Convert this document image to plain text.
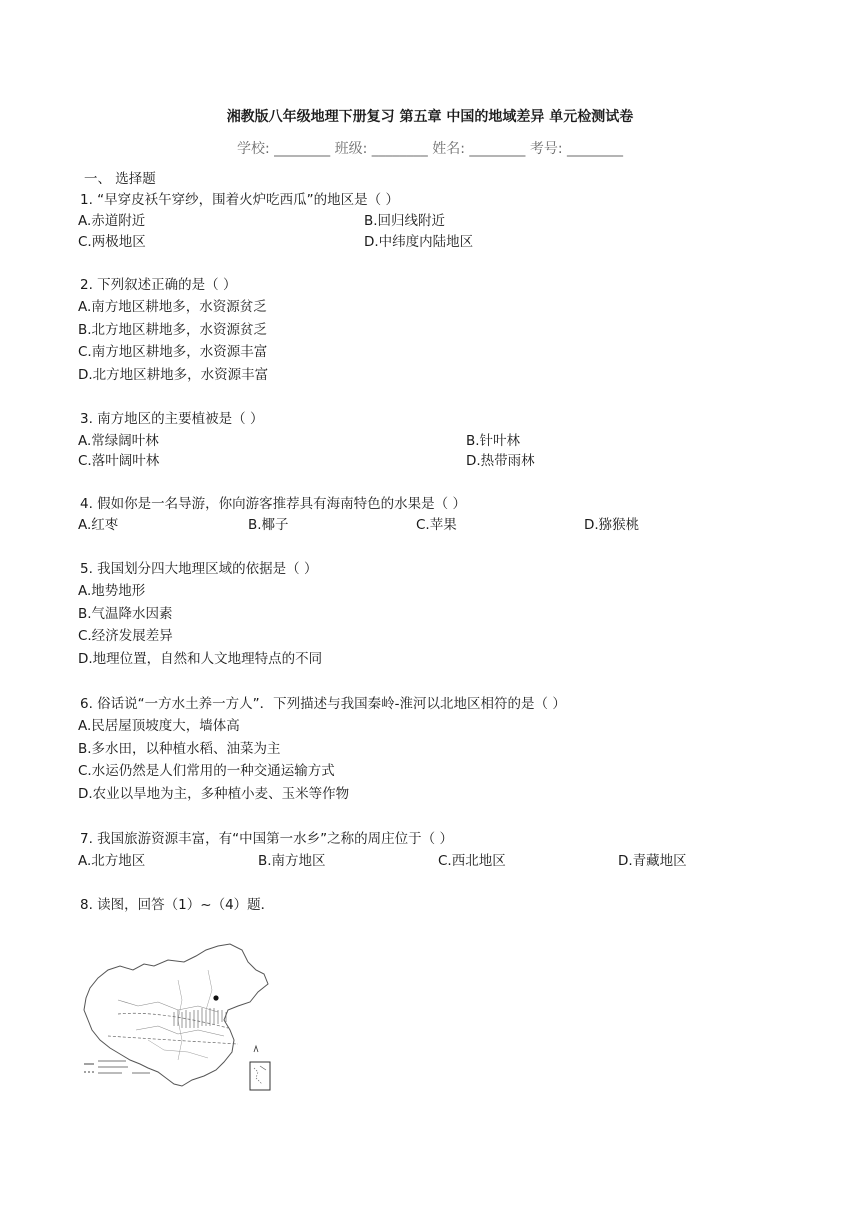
湘教版八年级地理下册复习 第五章 中国的地域差异 单元检测试卷
学校: ________ 班级: ________ 姓名: ________ 考号: ________
一、 选择题
1. “早穿皮袄午穿纱，围着火炉吃西瓜”的地区是（ ）
A.赤道附近	B.回归线附近
C.两极地区	D.中纬度内陆地区
2. 下列叙述正确的是（ ）
A.南方地区耕地多，水资源贫乏
B.北方地区耕地多，水资源贫乏
C.南方地区耕地多，水资源丰富
D.北方地区耕地多，水资源丰富
3. 南方地区的主要植被是（ ）
A.常绿阔叶林	B.针叶林
C.落叶阔叶林	D.热带雨林
4. 假如你是一名导游，你向游客推荐具有海南特色的水果是（ ）
A.红枣	B.椰子	C.苹果	D.猕猴桃
5. 我国划分四大地理区域的依据是（ ）
A.地势地形
B.气温降水因素
C.经济发展差异
D.地理位置，自然和人文地理特点的不同
6. 俗话说“一方水土养一方人”．下列描述与我国秦岭-淮河以北地区相符的是（ ）
A.民居屋顶坡度大，墙体高
B.多水田，以种植水稻、油菜为主
C.水运仍然是人们常用的一种交通运输方式
D.农业以旱地为主，多种植小麦、玉米等作物
7. 我国旅游资源丰富，有“中国第一水乡”之称的周庄位于（ ）
A.北方地区	B.南方地区	C.西北地区	D.青藏地区
8. 读图，回答（1）~（4）题．
